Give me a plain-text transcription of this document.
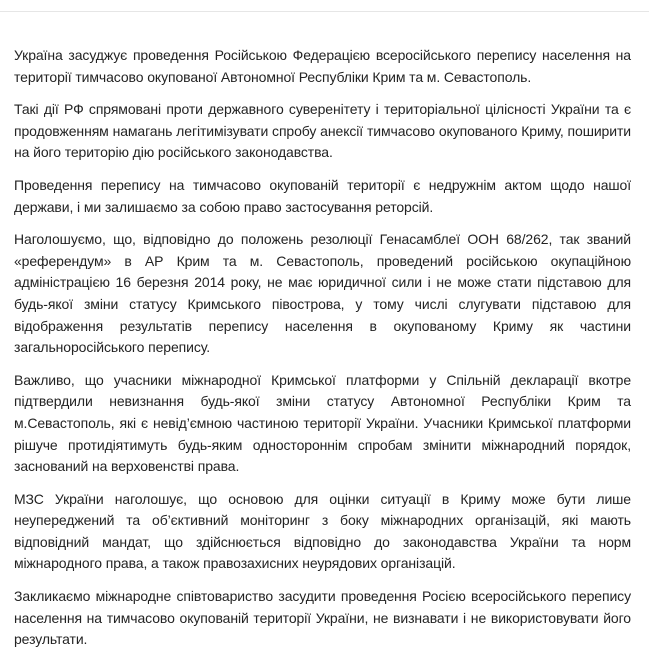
Україна засуджує проведення Російською Федерацією всеросійського перепису населення на території тимчасово окупованої Автономної Республіки Крим та м. Севастополь.

Такі дії РФ спрямовані проти державного суверенітету і територіальної цілісності України та є продовженням намагань легітимізувати спробу анексії тимчасово окупованого Криму, поширити на його територію дію російського законодавства.

Проведення перепису на тимчасово окупованій території є недружнім актом щодо нашої держави, і ми залишаємо за собою право застосування реторсій.

Наголошуємо, що, відповідно до положень резолюції Генасамблеї ООН 68/262, так званий «референдум» в АР Крим та м. Севастополь, проведений російською окупаційною адміністрацією 16 березня 2014 року, не має юридичної сили і не може стати підставою для будь-якої зміни статусу Кримського півострова, у тому числі слугувати підставою для відображення результатів перепису населення в окупованому Криму як частини загальноросійського перепису.

Важливо, що учасники міжнародної Кримської платформи у Спільній декларації вкотре підтвердили невизнання будь-якої зміни статусу Автономної Республіки Крим та м.Севастополь, які є невід’ємною частиною території України. Учасники Кримської платформи рішуче протидіятимуть будь-яким одностороннім спробам змінити міжнародний порядок, заснований на верховенстві права.

МЗС України наголошує, що основою для оцінки ситуації в Криму може бути лише неупереджений та об’єктивний моніторинг з боку міжнародних організацій, які мають відповідний мандат, що здійснюється відповідно до законодавства України та норм міжнародного права, а також правозахисних неурядових організацій.

Закликаємо міжнародне співтовариство засудити проведення Росією всеросійського перепису населення на тимчасово окупованій території України, не визнавати і не використовувати його результати.
